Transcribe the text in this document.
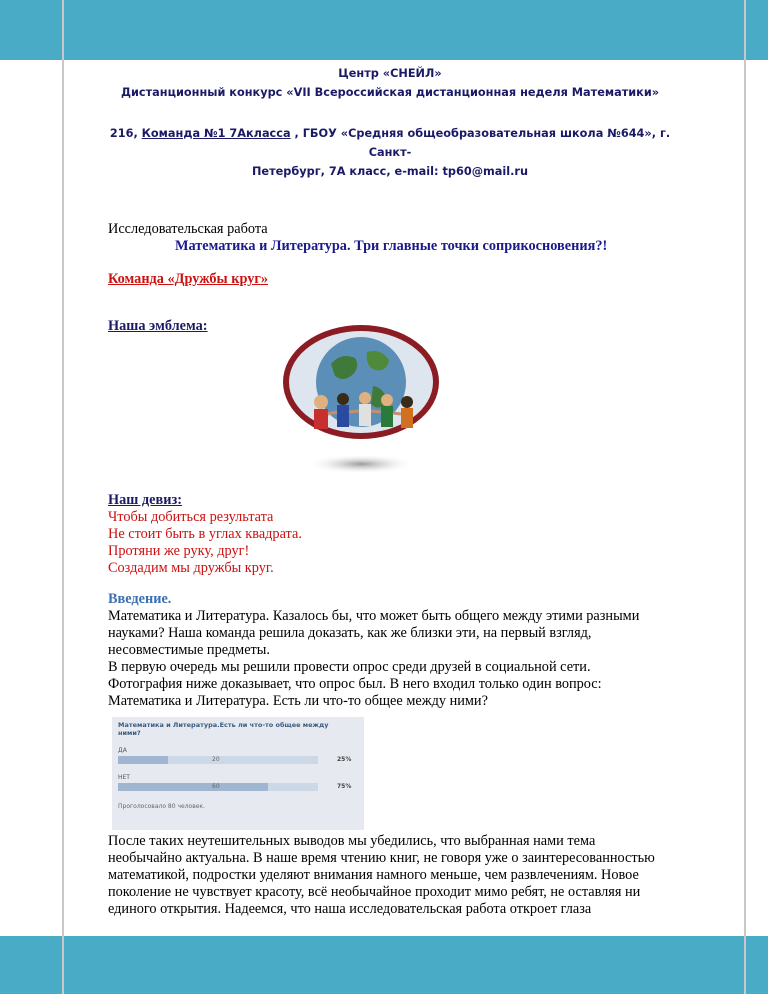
Центр «СНЕЙЛ»
Дистанционный конкурс «VII Всероссийская дистанционная неделя Математики»
216, Команда №1 7Акласса , ГБОУ «Средняя общеобразовательная школа №644», г. Санкт-
Петербург, 7А класс, e-mail: tp60@mail.ru
Исследовательская работа
Математика и Литература. Три главные точки соприкосновения?!
Команда «Дружбы круг»
Наша эмблема:
Наш девиз:
Чтобы добиться результата
Не стоит быть в углах квадрата.
Протяни же руку, друг!
Создадим мы дружбы круг.
Введение.
Математика и Литература. Казалось бы, что может быть общего между этими разными
науками? Наша команда решила доказать, как же близки эти, на первый взгляд,
несовместимые предметы.
В первую очередь мы решили провести опрос среди друзей в социальной сети.
Фотография ниже доказывает, что опрос был. В него входил только один вопрос:
Математика и Литература. Есть ли что-то общее между ними?
Математика и Литература.Есть ли что-то общее между ними?
ДА
20	25%
НЕТ
60	75%
Проголосовало 80 человек.
После таких неутешительных выводов мы убедились, что выбранная нами тема
необычайно актуальна. В наше время чтению книг, не говоря уже о заинтересованностью
математикой, подростки уделяют внимания намного меньше, чем развлечениям. Новое
поколение не чувствует красоту, всё необычайное проходит мимо ребят, не оставляя ни
единого открытия. Надеемся, что наша исследовательская работа откроет глаза
